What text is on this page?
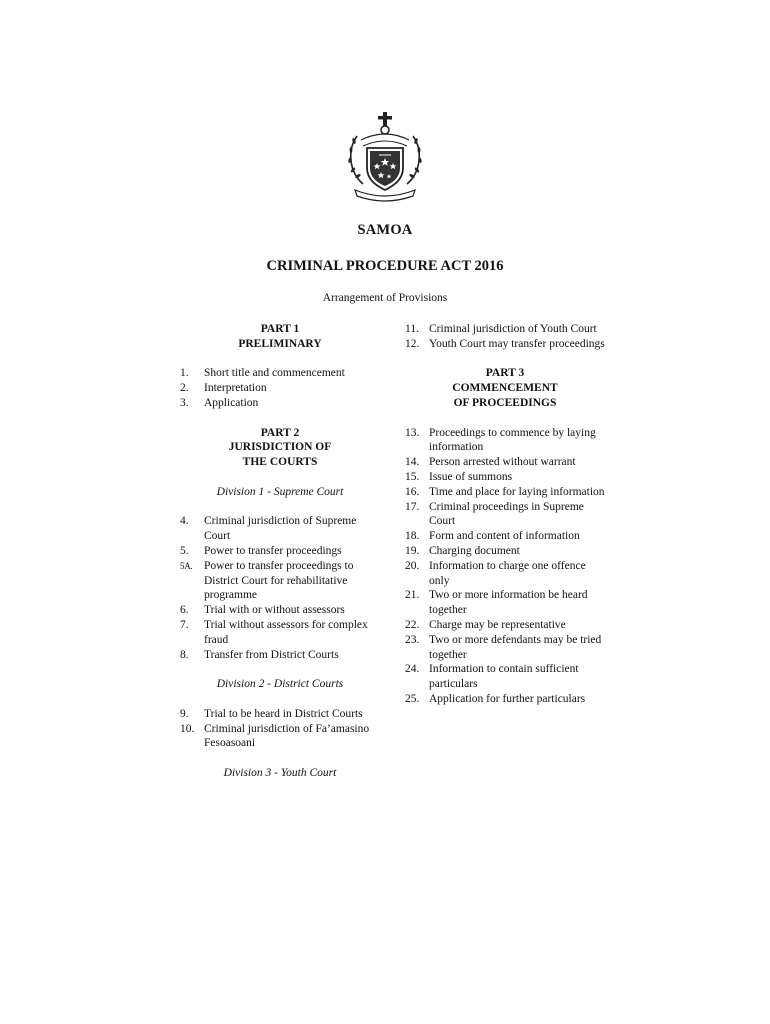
SAMOA
CRIMINAL PROCEDURE ACT 2016
Arrangement of Provisions
PART 1
PRELIMINARY
1. Short title and commencement
2. Interpretation
3. Application
PART 2
JURISDICTION OF
THE COURTS
Division 1 - Supreme Court
4. Criminal jurisdiction of Supreme Court
5. Power to transfer proceedings
5A. Power to transfer proceedings to District Court for rehabilitative programme
6. Trial with or without assessors
7. Trial without assessors for complex fraud
8. Transfer from District Courts
Division 2 - District Courts
9. Trial to be heard in District Courts
10. Criminal jurisdiction of Fa’amasino Fesoasoani
Division 3 - Youth Court
11. Criminal jurisdiction of Youth Court
12. Youth Court may transfer proceedings
PART 3
COMMENCEMENT
OF PROCEEDINGS
13. Proceedings to commence by laying information
14. Person arrested without warrant
15. Issue of summons
16. Time and place for laying information
17. Criminal proceedings in Supreme Court
18. Form and content of information
19. Charging document
20. Information to charge one offence only
21. Two or more information be heard together
22. Charge may be representative
23. Two or more defendants may be tried together
24. Information to contain sufficient particulars
25. Application for further particulars
